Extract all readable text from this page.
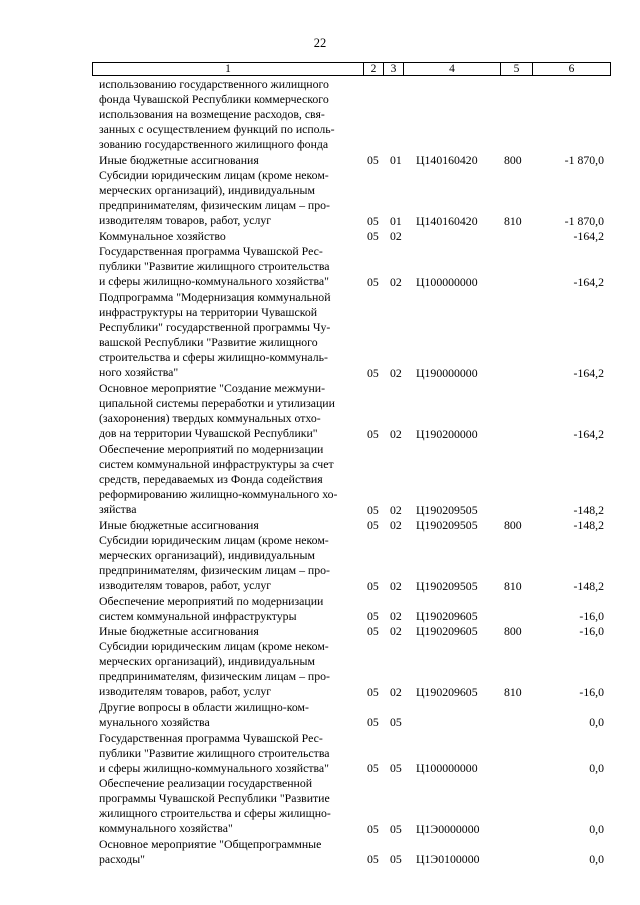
22
1	2	3	4	5	6
использованию государственного жилищного
фонда Чувашской Республики коммерческого
использования на возмещение расходов, свя-
занных с осуществлением функций по исполь-
зованию государственного жилищного фонда
Иные бюджетные ассигнования	05 01 Ц140160420 800	-1 870,0
Субсидии юридическим лицам (кроме неком-
мерческих организаций), индивидуальным
предпринимателям, физическим лицам – про-
изводителям товаров, работ, услуг	05 01 Ц140160420 810	-1 870,0
Коммунальное хозяйство	05 02	-164,2
Государственная программа Чувашской Рес-
публики "Развитие жилищного строительства
и сферы жилищно-коммунального хозяйства"	05 02 Ц100000000	-164,2
Подпрограмма "Модернизация коммунальной
инфраструктуры на территории Чувашской
Республики" государственной программы Чу-
вашской Республики "Развитие жилищного
строительства и сферы жилищно-коммуналь-
ного хозяйства"	05 02 Ц190000000	-164,2
Основное мероприятие "Создание межмуни-
ципальной системы переработки и утилизации
(захоронения) твердых коммунальных отхо-
дов на территории Чувашской Республики"	05 02 Ц190200000	-164,2
Обеспечение мероприятий по модернизации
систем коммунальной инфраструктуры за счет
средств, передаваемых из Фонда содействия
реформированию жилищно-коммунального хо-
зяйства	05 02 Ц190209505	-148,2
Иные бюджетные ассигнования	05 02 Ц190209505 800	-148,2
Субсидии юридическим лицам (кроме неком-
мерческих организаций), индивидуальным
предпринимателям, физическим лицам – про-
изводителям товаров, работ, услуг	05 02 Ц190209505 810	-148,2
Обеспечение мероприятий по модернизации
систем коммунальной инфраструктуры	05 02 Ц190209605	-16,0
Иные бюджетные ассигнования	05 02 Ц190209605 800	-16,0
Субсидии юридическим лицам (кроме неком-
мерческих организаций), индивидуальным
предпринимателям, физическим лицам – про-
изводителям товаров, работ, услуг	05 02 Ц190209605 810	-16,0
Другие вопросы в области жилищно-ком-
мунального хозяйства	05 05	0,0
Государственная программа Чувашской Рес-
публики "Развитие жилищного строительства
и сферы жилищно-коммунального хозяйства"	05 05 Ц100000000	0,0
Обеспечение реализации государственной
программы Чувашской Республики "Развитие
жилищного строительства и сферы жилищно-
коммунального хозяйства"	05 05 Ц1Э0000000	0,0
Основное мероприятие "Общепрограммные
расходы"	05 05 Ц1Э0100000	0,0
